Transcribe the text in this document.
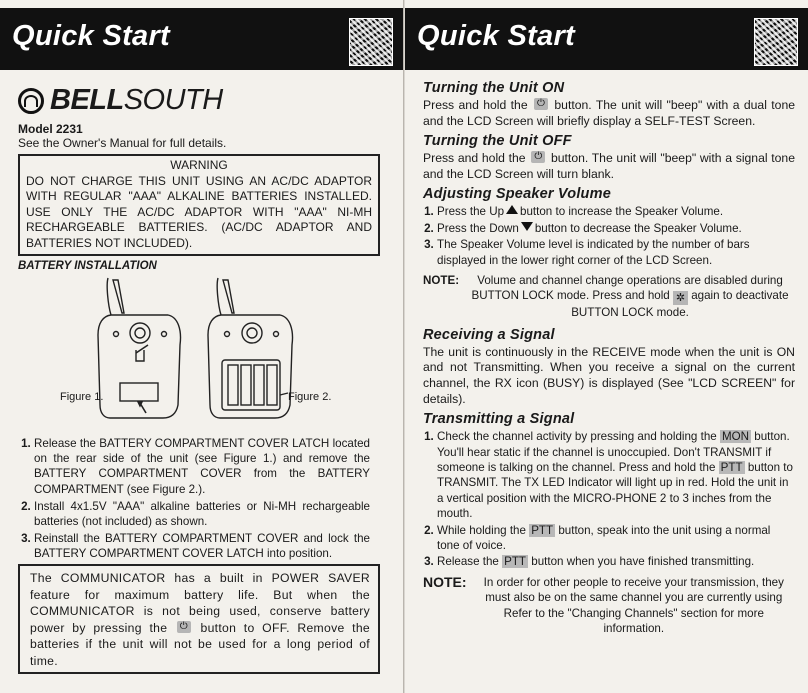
Quick Start
BELLSOUTH
Model 2231
See the Owner's Manual for full details.
WARNING
DO NOT CHARGE THIS UNIT USING AN AC/DC ADAPTOR WITH REGULAR "AAA" ALKALINE BATTERIES INSTALLED. USE ONLY THE AC/DC ADAPTOR WITH "AAA" NI-MH RECHARGEABLE BATTERIES. (AC/DC ADAPTOR AND BATTERIES NOT INCLUDED).
BATTERY INSTALLATION
Figure 1.	Figure 2.
1. Release the BATTERY COMPARTMENT COVER LATCH located on the rear side of the unit (see Figure 1.) and remove the BATTERY COMPARTMENT COVER from the BATTERY COMPARTMENT (see Figure 2.).
2. Install 4x1.5V "AAA" alkaline batteries or Ni-MH rechargeable batteries (not included) as shown.
3. Reinstall the BATTERY COMPARTMENT COVER and lock the BATTERY COMPARTMENT COVER LATCH into position.
The COMMUNICATOR has a built in POWER SAVER feature for maximum battery life. But when the COMMUNICATOR is not being used, conserve battery power by pressing the ⏻	button to OFF. Remove the batteries if the unit will not be used for a long period of time.
Quick Start
Turning the Unit ON
Press and hold the ⏻ button. The unit will "beep" with a dual tone and the LCD Screen will briefly display a SELF-TEST Screen.
Turning the Unit OFF
Press and hold the ⏻ button. The unit will "beep" with a signal tone and the LCD Screen will turn blank.
Adjusting Speaker Volume
1. Press the Up button to increase the Speaker Volume.
2. Press the Down button to decrease the Speaker Volume.
3. The Speaker Volume level is indicated by the number of bars displayed in the lower right corner of the LCD Screen.
NOTE:	Volume and channel change operations are disabled during BUTTON LOCK mode. Press and hold ✲ again to deactivate BUTTON LOCK mode.
Receiving a Signal
The unit is continuously in the RECEIVE mode when the unit is ON and not Transmitting. When you receive a signal on the current channel, the RX icon (BUSY) is displayed (See "LCD SCREEN" for details).
Transmitting a Signal
1. Check the channel activity by pressing and holding the MON button. You'll hear static if the channel is unoccupied. Don't TRANSMIT if someone is talking on the channel. Press and hold the PTT button to TRANSMIT. The TX LED Indicator will light up in red. Hold the unit in a vertical position with the MICRO-PHONE 2 to 3 inches from the mouth.
2. While holding the PTT button, speak into the unit using a normal tone of voice.
3. Release the PTT button when you have finished transmitting.
NOTE:	In order for other people to receive your transmission, they must also be on the same channel you are currently using Refer to the "Changing Channels" section for more information.
